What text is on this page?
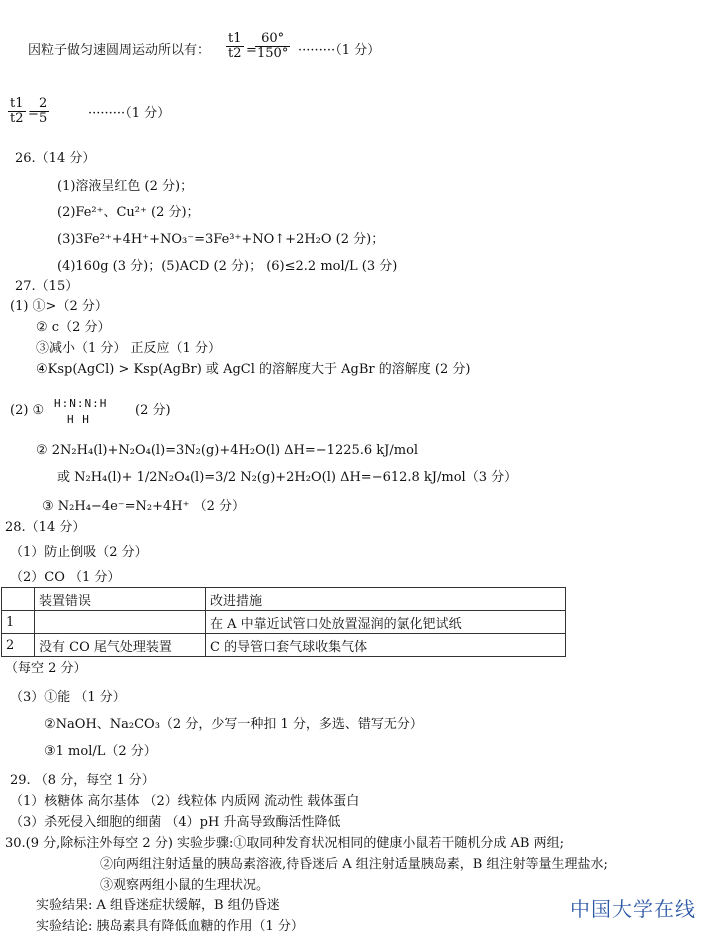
因粒子做匀速圆周运动所以有： $\frac{t1}{t2}$ =
$\frac{60^\circ}{150^\circ} \cdot\cdot\cdot\cdot\cdot\cdot\cdot\cdot\cdot(1$ 分）
$\frac{t1}{t2}$ =
$\frac{2}{5}$	·········（1 分）
26.（14 分）
(1)溶液呈红色 (2 分)；
(2)Fe²⁺、Cu²⁺ (2 分)；
(3)3Fe²⁺+4H⁺+NO₃⁻=3Fe³⁺+NO↑+2H₂O (2 分)；
(4)160g (3 分)；(5)ACD (2 分)； (6)≤2.2 mol/L (3 分)
27.（15）
(1) ①>（2 分）
② c（2 分）
③减小（1 分） 正反应（1 分）
④Ksp(AgCl) > Ksp(AgBr) 或 AgCl 的溶解度大于 AgBr 的溶解度 (2 分)
(2) ① H:N:N:H
H H
(2 分)
② 2N₂H₄(l)+N₂O₄(l)=3N₂(g)+4H₂O(l) ΔH=−1225.6 kJ/mol
或 N₂H₄(l)+ 1/2N₂O₄(l)=3/2 N₂(g)+2H₂O(l) ΔH=−612.8 kJ/mol（3 分）
③ N₂H₄−4e⁻=N₂+4H⁺ （2 分）
28.（14 分）
（1）防止倒吸（2 分）
（2）CO （1 分）
	装置错误	改进措施
1		在 A 中靠近试管口处放置湿润的氯化钯试纸
2	没有 CO 尾气处理装置	C 的导管口套气球收集气体
（每空 2 分）
（3）①能 （1 分）
②NaOH、Na₂CO₃（2 分，少写一种扣 1 分，多选、错写无分）
③1 mol/L（2 分）
29. （8 分，每空 1 分）
（1）核糖体 高尔基体 （2）线粒体 内质网 流动性 载体蛋白
（3）杀死侵入细胞的细菌 （4）pH 升高导致酶活性降低
30.(9 分,除标注外每空 2 分) 实验步骤:①取同种发育状况相同的健康小鼠若干随机分成 AB 两组;
②向两组注射适量的胰岛素溶液,待昏迷后 A 组注射适量胰岛素，B 组注射等量生理盐水;
③观察两组小鼠的生理状况。
实验结果: A 组昏迷症状缓解，B 组仍昏迷
实验结论: 胰岛素具有降低血糖的作用（1 分）
中国大学在线
